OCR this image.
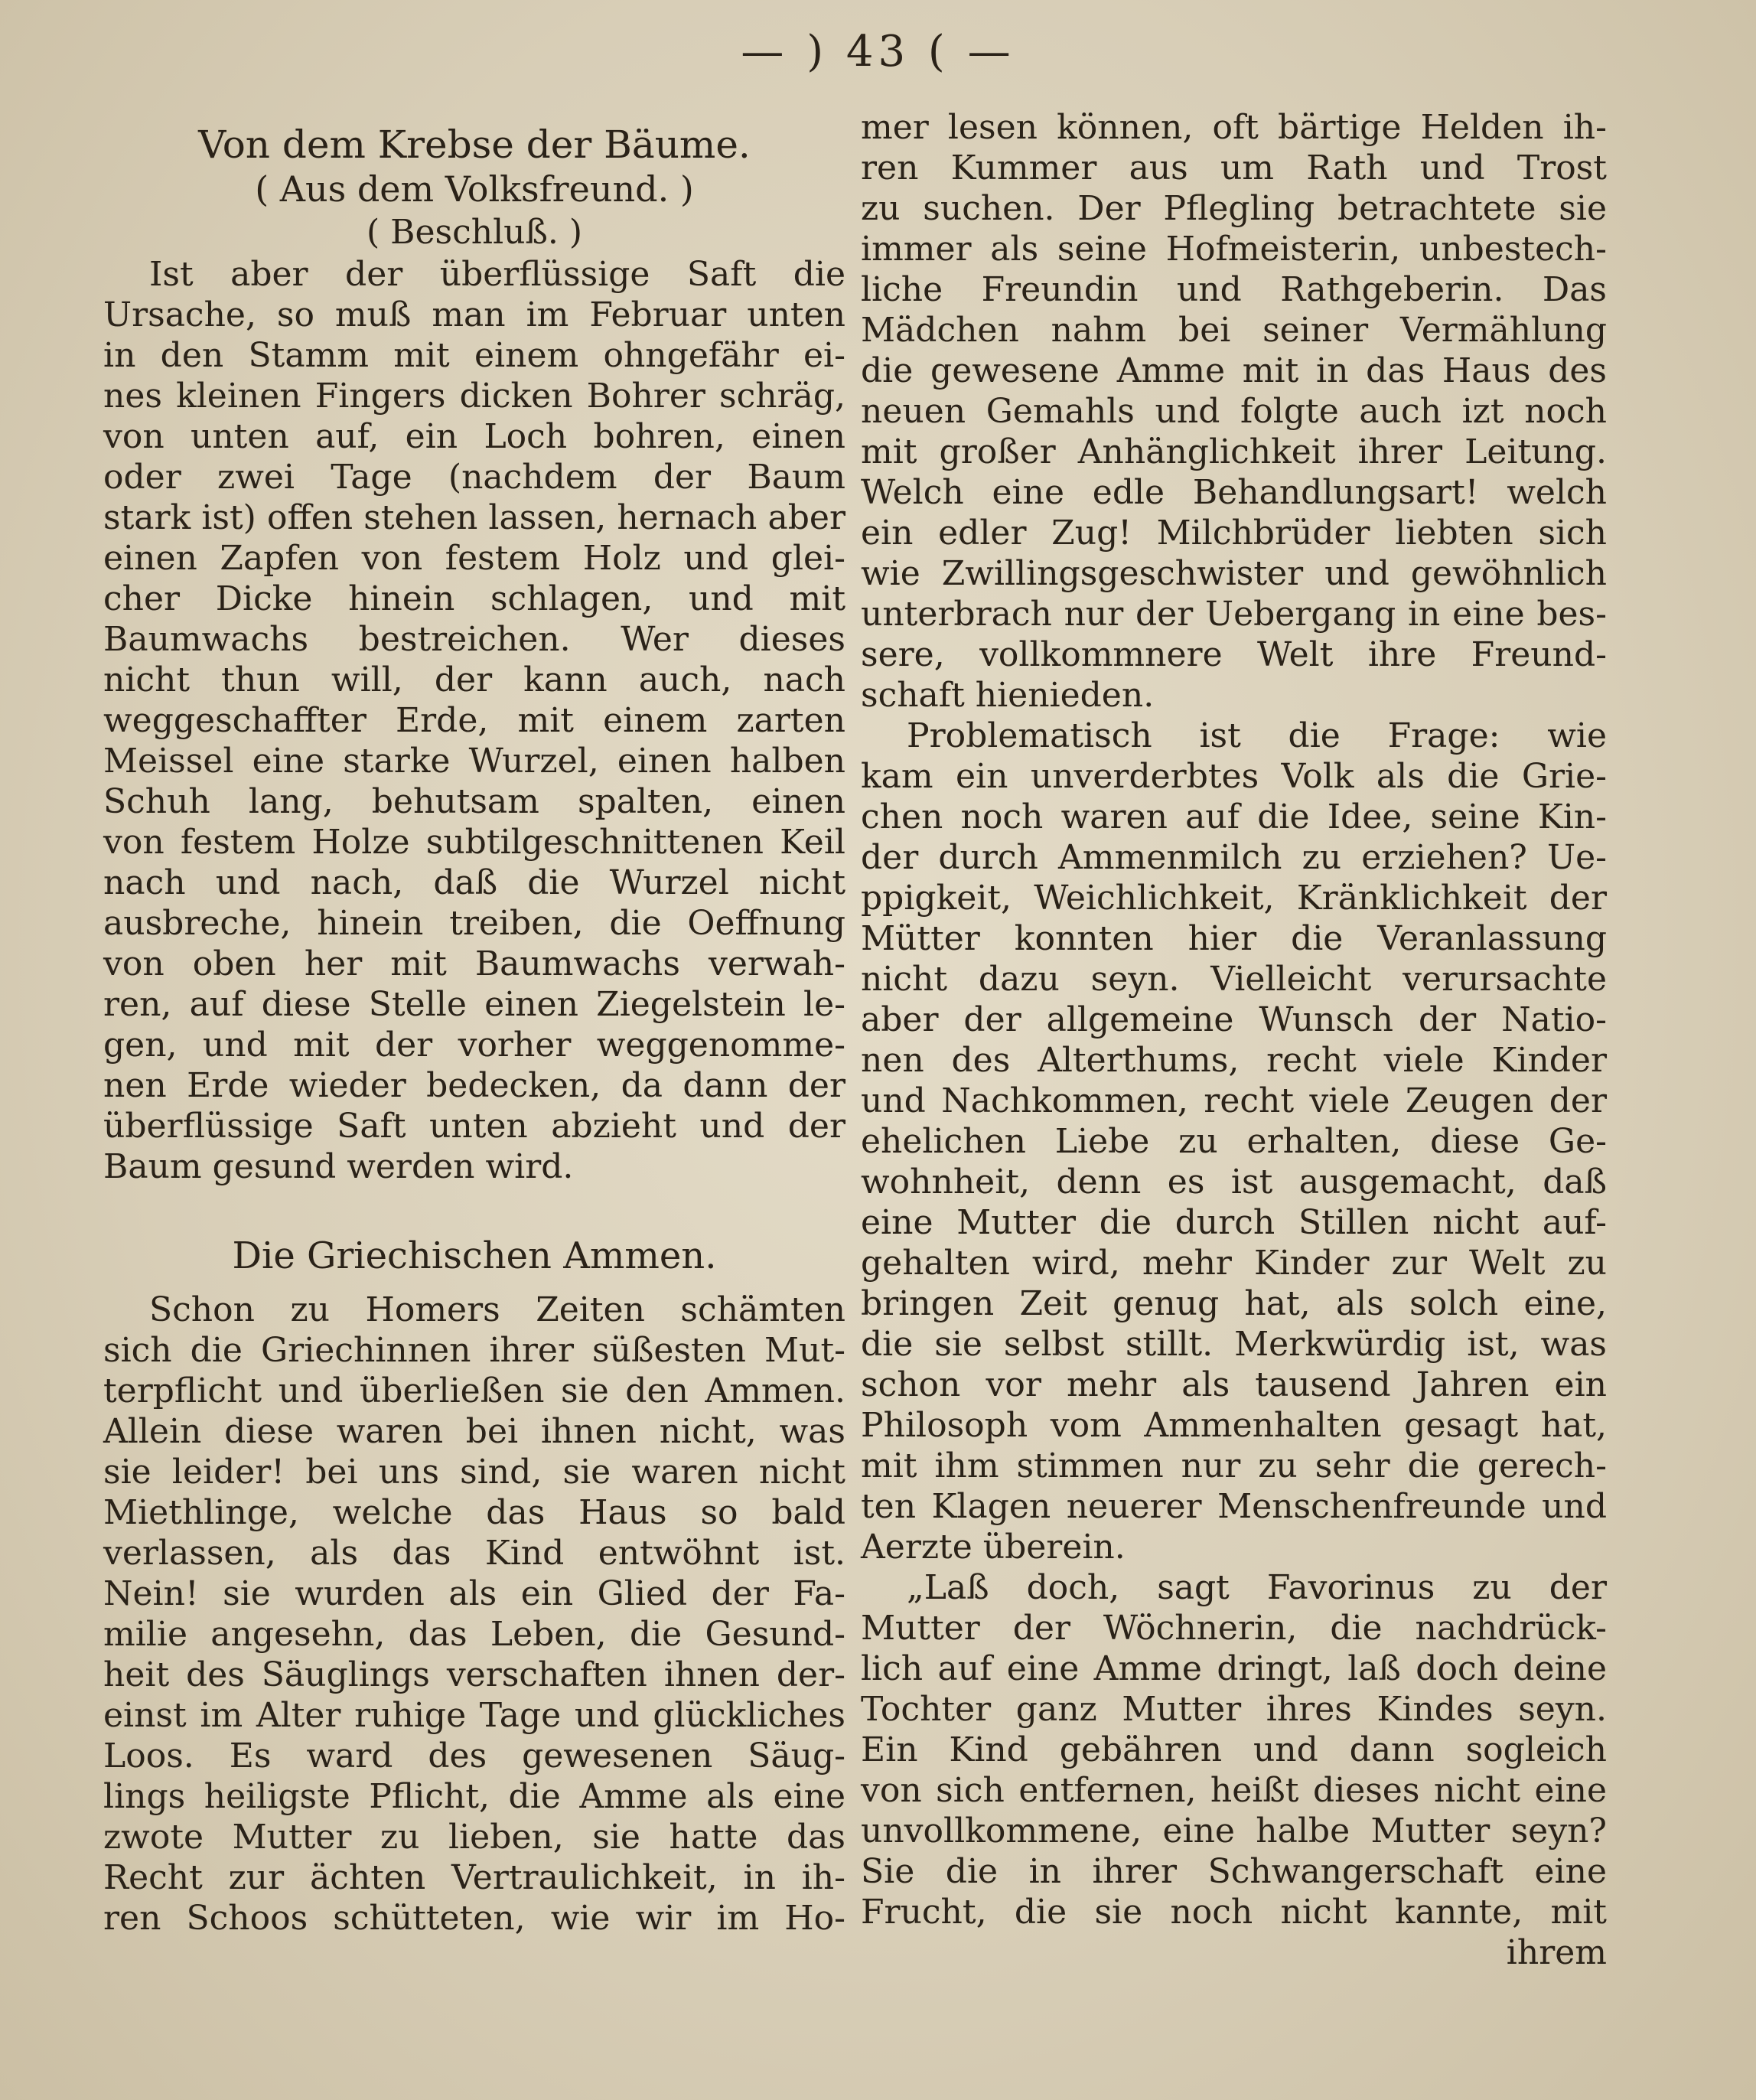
— ) 43 ( —
Von dem Krebse der Bäume.
( Aus dem Volksfreund. )
( Beschluß. )
Ist aber der überflüssige Saft die
Ursache, so muß man im Februar unten
in den Stamm mit einem ohngefähr ei-
nes kleinen Fingers dicken Bohrer schräg,
von unten auf, ein Loch bohren, einen
oder zwei Tage (nachdem der Baum
stark ist) offen stehen lassen, hernach aber
einen Zapfen von festem Holz und glei-
cher Dicke hinein schlagen, und mit
Baumwachs bestreichen. Wer dieses
nicht thun will, der kann auch, nach
weggeschaffter Erde, mit einem zarten
Meissel eine starke Wurzel, einen halben
Schuh lang, behutsam spalten, einen
von festem Holze subtilgeschnittenen Keil
nach und nach, daß die Wurzel nicht
ausbreche, hinein treiben, die Oeffnung
von oben her mit Baumwachs verwah-
ren, auf diese Stelle einen Ziegelstein le-
gen, und mit der vorher weggenomme-
nen Erde wieder bedecken, da dann der
überflüssige Saft unten abzieht und der
Baum gesund werden wird.
Die Griechischen Ammen.
Schon zu Homers Zeiten schämten
sich die Griechinnen ihrer süßesten Mut-
terpflicht und überließen sie den Ammen.
Allein diese waren bei ihnen nicht, was
sie leider! bei uns sind, sie waren nicht
Miethlinge, welche das Haus so bald
verlassen, als das Kind entwöhnt ist.
Nein! sie wurden als ein Glied der Fa-
milie angesehn, das Leben, die Gesund-
heit des Säuglings verschaften ihnen der-
einst im Alter ruhige Tage und glückliches
Loos. Es ward des gewesenen Säug-
lings heiligste Pflicht, die Amme als eine
zwote Mutter zu lieben, sie hatte das
Recht zur ächten Vertraulichkeit, in ih-
ren Schoos schütteten, wie wir im Ho-
mer lesen können, oft bärtige Helden ih-
ren Kummer aus um Rath und Trost
zu suchen. Der Pflegling betrachtete sie
immer als seine Hofmeisterin, unbestech-
liche Freundin und Rathgeberin. Das
Mädchen nahm bei seiner Vermählung
die gewesene Amme mit in das Haus des
neuen Gemahls und folgte auch izt noch
mit großer Anhänglichkeit ihrer Leitung.
Welch eine edle Behandlungsart! welch
ein edler Zug! Milchbrüder liebten sich
wie Zwillingsgeschwister und gewöhnlich
unterbrach nur der Uebergang in eine bes-
sere, vollkommnere Welt ihre Freund-
schaft hienieden.
Problematisch ist die Frage: wie
kam ein unverderbtes Volk als die Grie-
chen noch waren auf die Idee, seine Kin-
der durch Ammenmilch zu erziehen? Ue-
ppigkeit, Weichlichkeit, Kränklichkeit der
Mütter konnten hier die Veranlassung
nicht dazu seyn. Vielleicht verursachte
aber der allgemeine Wunsch der Natio-
nen des Alterthums, recht viele Kinder
und Nachkommen, recht viele Zeugen der
ehelichen Liebe zu erhalten, diese Ge-
wohnheit, denn es ist ausgemacht, daß
eine Mutter die durch Stillen nicht auf-
gehalten wird, mehr Kinder zur Welt zu
bringen Zeit genug hat, als solch eine,
die sie selbst stillt. Merkwürdig ist, was
schon vor mehr als tausend Jahren ein
Philosoph vom Ammenhalten gesagt hat,
mit ihm stimmen nur zu sehr die gerech-
ten Klagen neuerer Menschenfreunde und
Aerzte überein.
„Laß doch, sagt Favorinus zu der
Mutter der Wöchnerin, die nachdrück-
lich auf eine Amme dringt, laß doch deine
Tochter ganz Mutter ihres Kindes seyn.
Ein Kind gebähren und dann sogleich
von sich entfernen, heißt dieses nicht eine
unvollkommene, eine halbe Mutter seyn?
Sie die in ihrer Schwangerschaft eine
Frucht, die sie noch nicht kannte, mit
ihrem
